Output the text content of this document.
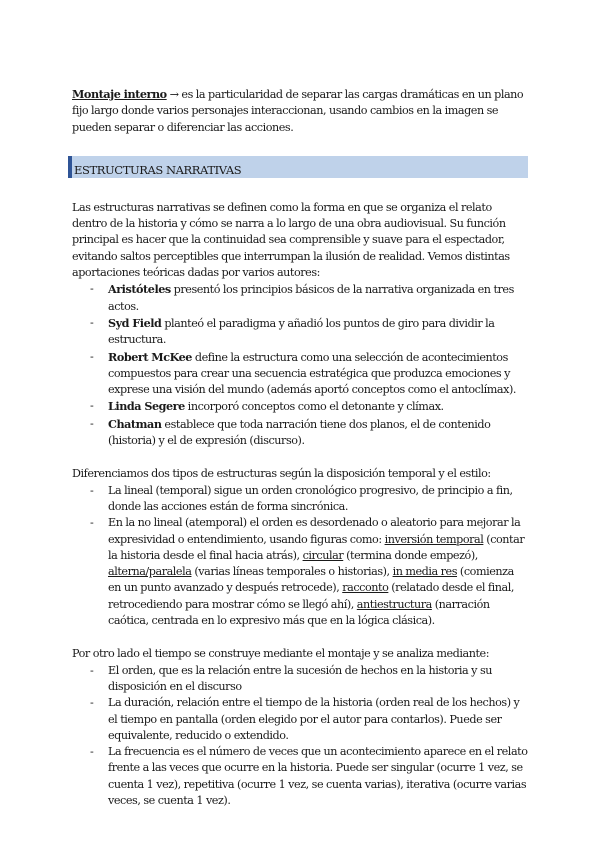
Montaje interno → es la particularidad de separar las cargas dramáticas en un plano fijo largo donde varios personajes interaccionan, usando cambios en la imagen se pueden separar o diferenciar las acciones.

ESTRUCTURAS NARRATIVAS

Las estructuras narrativas se definen como la forma en que se organiza el relato dentro de la historia y cómo se narra a lo largo de una obra audiovisual. Su función principal es hacer que la continuidad sea comprensible y suave para el espectador, evitando saltos perceptibles que interrumpan la ilusión de realidad. Vemos distintas aportaciones teóricas dadas por varios autores:

- Aristóteles presentó los principios básicos de la narrativa organizada en tres actos.
- Syd Field planteó el paradigma y añadió los puntos de giro para dividir la estructura.
- Robert McKee define la estructura como una selección de acontecimientos compuestos para crear una secuencia estratégica que produzca emociones y exprese una visión del mundo (además aportó conceptos como el antoclímax).
- Linda Segere incorporó conceptos como el detonante y clímax.
- Chatman establece que toda narración tiene dos planos, el de contenido (historia) y el de expresión (discurso).

Diferenciamos dos tipos de estructuras según la disposición temporal y el estilo:

- La lineal (temporal) sigue un orden cronológico progresivo, de principio a fin, donde las acciones están de forma sincrónica.
- En la no lineal (atemporal) el orden es desordenado o aleatorio para mejorar la expresividad o entendimiento, usando figuras como: inversión temporal (contar la historia desde el final hacia atrás), circular (termina donde empezó), alterna/paralela (varias líneas temporales o historias), in media res (comienza en un punto avanzado y después retrocede), racconto (relatado desde el final, retrocediendo para mostrar cómo se llegó ahí), antiestructura (narración caótica, centrada en lo expresivo más que en la lógica clásica).

Por otro lado el tiempo se construye mediante el montaje y se analiza mediante:

- El orden, que es la relación entre la sucesión de hechos en la historia y su disposición en el discurso
- La duración, relación entre el tiempo de la historia (orden real de los hechos) y el tiempo en pantalla (orden elegido por el autor para contarlos). Puede ser equivalente, reducido o extendido.
- La frecuencia es el número de veces que un acontecimiento aparece en el relato frente a las veces que ocurre en la historia. Puede ser singular (ocurre 1 vez, se cuenta 1 vez), repetitiva (ocurre 1 vez, se cuenta varias), iterativa (ocurre varias veces, se cuenta 1 vez).
